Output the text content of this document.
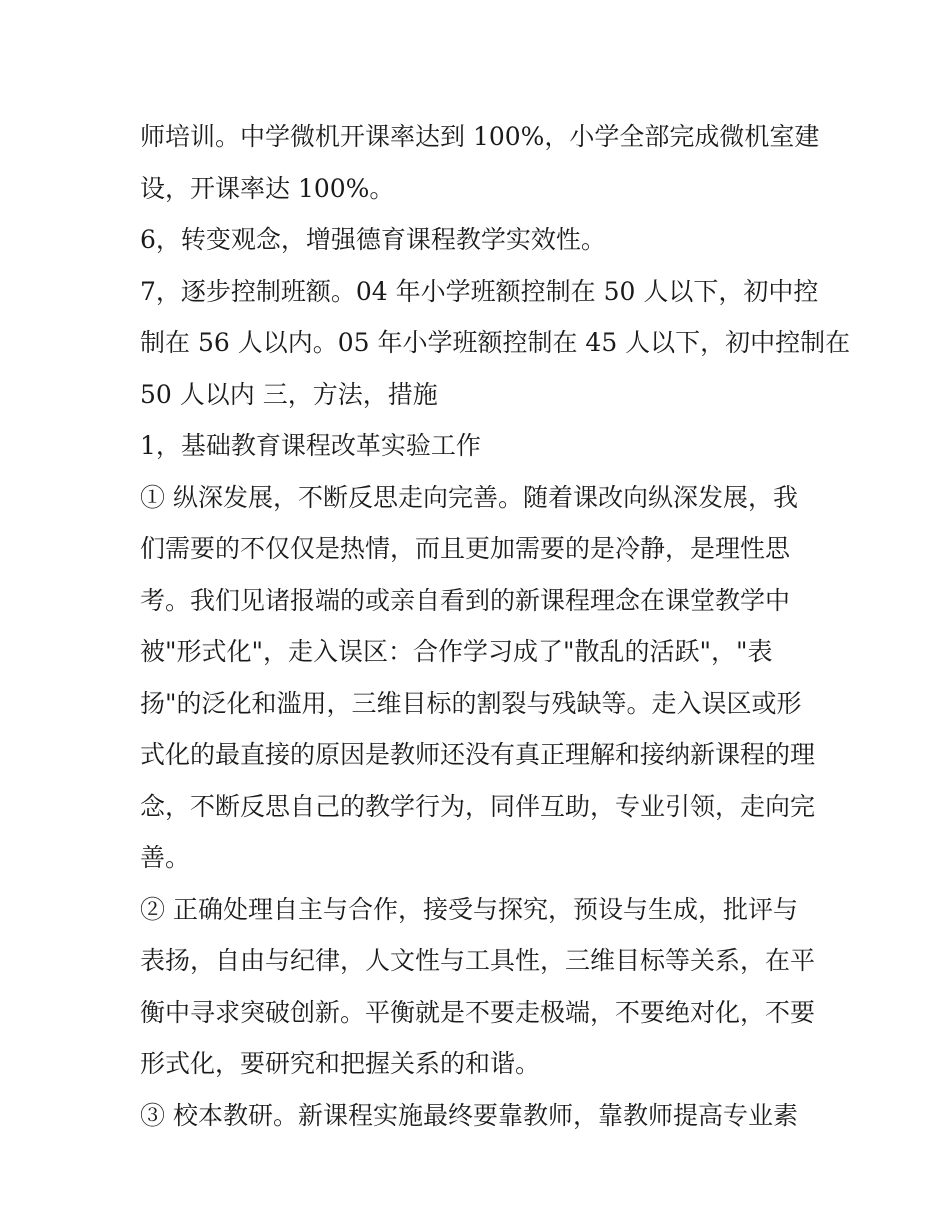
师培训。中学微机开课率达到 100%，小学全部完成微机室建
设，开课率达 100%。
6，转变观念，增强德育课程教学实效性。
7，逐步控制班额。04 年小学班额控制在 50 人以下，初中控
制在 56 人以内。05 年小学班额控制在 45 人以下，初中控制在
50 人以内 三，方法，措施
1，基础教育课程改革实验工作
① 纵深发展，不断反思走向完善。随着课改向纵深发展，我
们需要的不仅仅是热情，而且更加需要的是冷静，是理性思
考。我们见诸报端的或亲自看到的新课程理念在课堂教学中
被"形式化"，走入误区：合作学习成了"散乱的活跃"，"表
扬"的泛化和滥用，三维目标的割裂与残缺等。走入误区或形
式化的最直接的原因是教师还没有真正理解和接纳新课程的理
念，不断反思自己的教学行为，同伴互助，专业引领，走向完
善。
② 正确处理自主与合作，接受与探究，预设与生成，批评与
表扬，自由与纪律，人文性与工具性，三维目标等关系，在平
衡中寻求突破创新。平衡就是不要走极端，不要绝对化，不要
形式化，要研究和把握关系的和谐。
③ 校本教研。新课程实施最终要靠教师，靠教师提高专业素
